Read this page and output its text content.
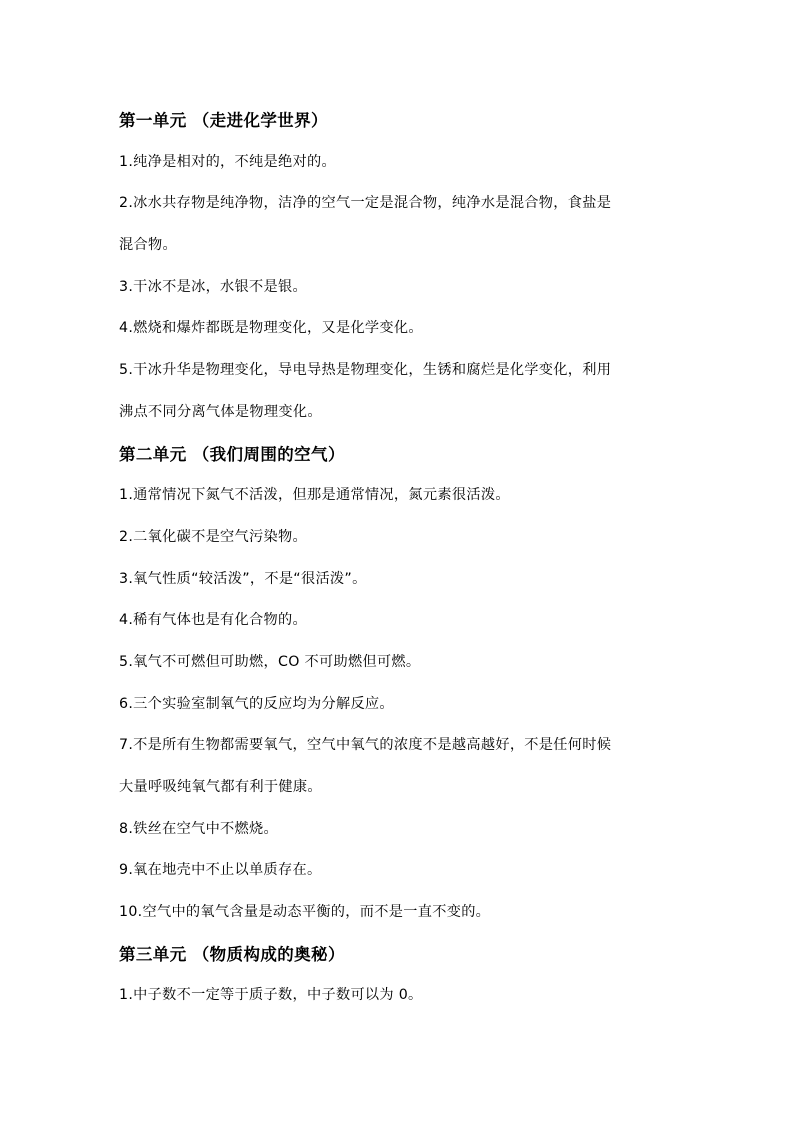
第一单元 （走进化学世界）
1.纯净是相对的，不纯是绝对的。
2.冰水共存物是纯净物，洁净的空气一定是混合物，纯净水是混合物，食盐是
混合物。
3.干冰不是冰，水银不是银。
4.燃烧和爆炸都既是物理变化，又是化学变化。
5.干冰升华是物理变化，导电导热是物理变化，生锈和腐烂是化学变化，利用
沸点不同分离气体是物理变化。
第二单元 （我们周围的空气）
1.通常情况下氮气不活泼，但那是通常情况，氮元素很活泼。
2.二氧化碳不是空气污染物。
3.氧气性质“较活泼”，不是“很活泼”。
4.稀有气体也是有化合物的。
5.氧气不可燃但可助燃，CO 不可助燃但可燃。
6.三个实验室制氧气的反应均为分解反应。
7.不是所有生物都需要氧气，空气中氧气的浓度不是越高越好，不是任何时候
大量呼吸纯氧气都有利于健康。
8.铁丝在空气中不燃烧。
9.氧在地壳中不止以单质存在。
10.空气中的氧气含量是动态平衡的，而不是一直不变的。
第三单元 （物质构成的奥秘）
1.中子数不一定等于质子数，中子数可以为 0。
